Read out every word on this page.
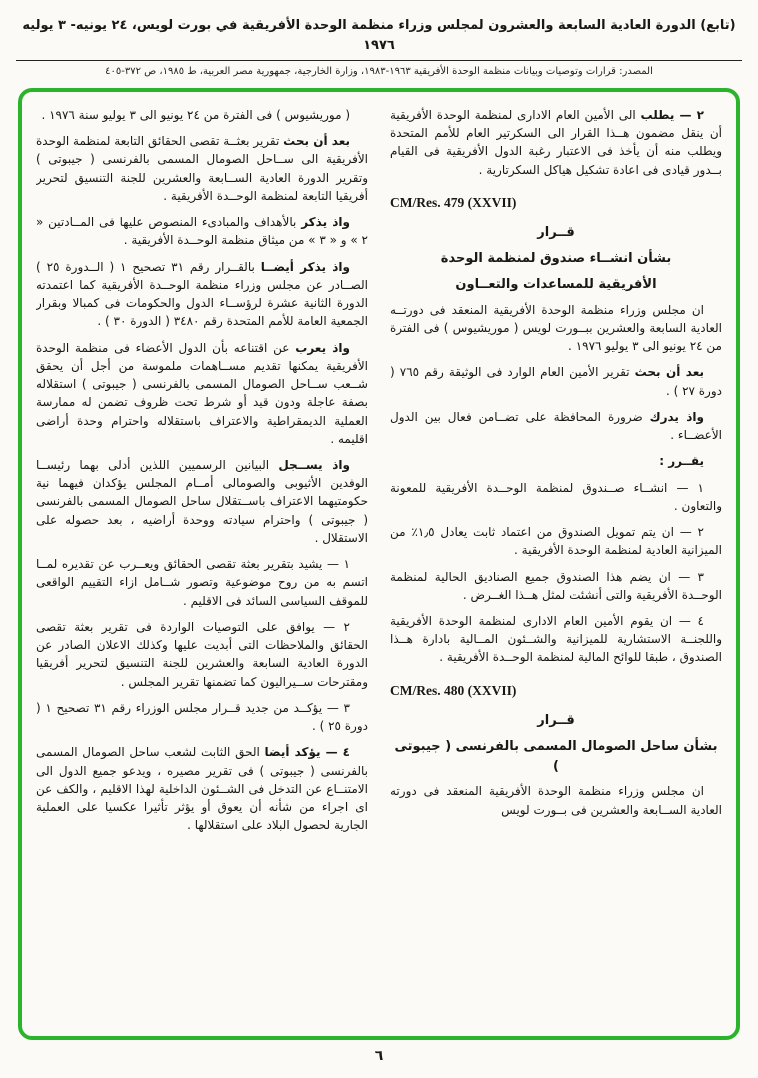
(تابع) الدورة العادية السابعة والعشرون لمجلس وزراء منظمة الوحدة الأفريقية في بورت لويس، ٢٤ يونيه- ٣ يوليه ١٩٧٦
المصدر: قرارات وتوصيات وبيانات منظمة الوحدة الأفريقية ١٩٦٣-١٩٨٣، وزارة الخارجية، جمهورية مصر العربية، ط ١٩٨٥، ص ٣٧٢-٤٠٥

٢ — يطلب الى الأمين العام الادارى لمنظمة الوحدة الأفريقية أن ينقل مضمون هــذا القرار الى السكرتير العام للأمم المتحدة ويطلب منه أن يأخذ فى الاعتبار رغبة الدول الأفريقية فى القيام بــدور قيادى فى اعادة تشكيل هياكل السكرتارية .

CM/Res. 479 (XXVII)
قــرار
بشأن انشــاء صندوق لمنظمة الوحدة
الأفريقية للمساعدات والتعــاون

ان مجلس وزراء منظمة الوحدة الأفريقية المنعقد فى دورتــه العادية السابعة والعشرين ببــورت لويس ( موريشيوس ) فى الفترة من ٢٤ يونيو الى ٣ يوليو ١٩٧٦ .

بعد أن بحث تقرير الأمين العام الوارد فى الوثيقة رقم ٧٦٥ ( دورة ٢٧ ) .

واذ يدرك ضرورة المحافظة على تضــامن فعال بين الدول الأعضــاء .

يقــرر :

١ — انشــاء صــندوق لمنظمة الوحــدة الأفريقية للمعونة والتعاون .

٢ — ان يتم تمويل الصندوق من اعتماد ثابت يعادل ١٫٥٪ من الميزانية العادية لمنظمة الوحدة الأفريقية .

٣ — ان يضم هذا الصندوق جميع الصناديق الحالية لمنظمة الوحــدة الأفريقية والتى أنشئت لمثل هــذا الغــرض .

٤ — ان يقوم الأمين العام الادارى لمنظمة الوحدة الأفريقية واللجنــة الاستشارية للميزانية والشــئون المــالية بادارة هــذا الصندوق ، طبقا للوائح المالية لمنظمة الوحــدة الأفريقية .

CM/Res. 480 (XXVII)
قــرار
بشأن ساحل الصومال المسمى بالفرنسى ( جيبوتى )

ان مجلس وزراء منظمة الوحدة الأفريقية المنعقد فى دورته العادية الســابعة والعشرين فى بــورت لويس

( موريشيوس ) فى الفترة من ٢٤ يونيو الى ٣ يوليو سنة ١٩٧٦ .

بعد أن بحث تقرير بعثــة تقصى الحقائق التابعة لمنظمة الوحدة الأفريقية الى ســاحل الصومال المسمى بالفرنسى ( جيبوتى ) وتقرير الدورة العادية الســابعة والعشرين للجنة التنسيق لتحرير أفريقيا التابعة لمنظمة الوحــدة الأفريقية .

واذ يذكر بالأهداف والمبادىء المنصوص عليها فى المــادتين « ٢ » و « ٣ » من ميثاق منظمة الوحــدة الأفريقية .

واذ يذكر أيضــا بالقــرار رقم ٣١ تصحيح ١ ( الــدورة ٢٥ ) الصــادر عن مجلس وزراء منظمة الوحــدة الأفريقية كما اعتمدته الدورة الثانية عشرة لرؤســاء الدول والحكومات فى كمبالا وبقرار الجمعية العامة للأمم المتحدة رقم ٣٤٨٠ ( الدورة ٣٠ ) .

واذ يعرب عن اقتناعه بأن الدول الأعضاء فى منظمة الوحدة الأفريقية يمكنها تقديم مســاهمات ملموسة من أجل أن يحقق شــعب ســاحل الصومال المسمى بالفرنسى ( جيبوتى ) استقلاله بصفة عاجلة ودون قيد أو شرط تحت ظروف تضمن له ممارسة العملية الديمقراطية والاعتراف باستقلاله واحترام وحدة أراضى اقليمه .

واذ يســجل البيانين الرسميين اللذين أدلى بهما رئيســا الوفدين الأثيوبى والصومالى أمــام المجلس يؤكدان فيهما نية حكومتيهما الاعتراف باســتقلال ساحل الصومال المسمى بالفرنسى ( جيبوتى ) واحترام سيادته ووحدة أراضيه ، بعد حصوله على الاستقلال .

١ — يشيد بتقرير بعثة تقصى الحقائق ويعــرب عن تقديره لمــا اتسم به من روح موضوعية وتصور شــامل ازاء التقييم الواقعى للموقف السياسى السائد فى الاقليم .

٢ — يوافق على التوصيات الواردة فى تقرير بعثة تقصى الحقائق والملاحظات التى أبديت عليها وكذلك الاعلان الصادر عن الدورة العادية السابعة والعشرين للجنة التنسيق لتحرير أفريقيا ومقترحات ســيراليون كما تضمنها تقرير المجلس .

٣ — يؤكــد من جديد قــرار مجلس الوزراء رقم ٣١ تصحيح ١ ( دورة ٢٥ ) .

٤ — يؤكد أيضا الحق الثابت لشعب ساحل الصومال المسمى بالفرنسى ( جيبوتى ) فى تقرير مصيره ، ويدعو جميع الدول الى الامتنــاع عن التدخل فى الشــئون الداخلية لهذا الاقليم ، والكف عن اى اجراء من شأنه أن يعوق أو يؤثر تأثيرا عكسيا على العملية الجارية لحصول البلاد على استقلالها .

٦
